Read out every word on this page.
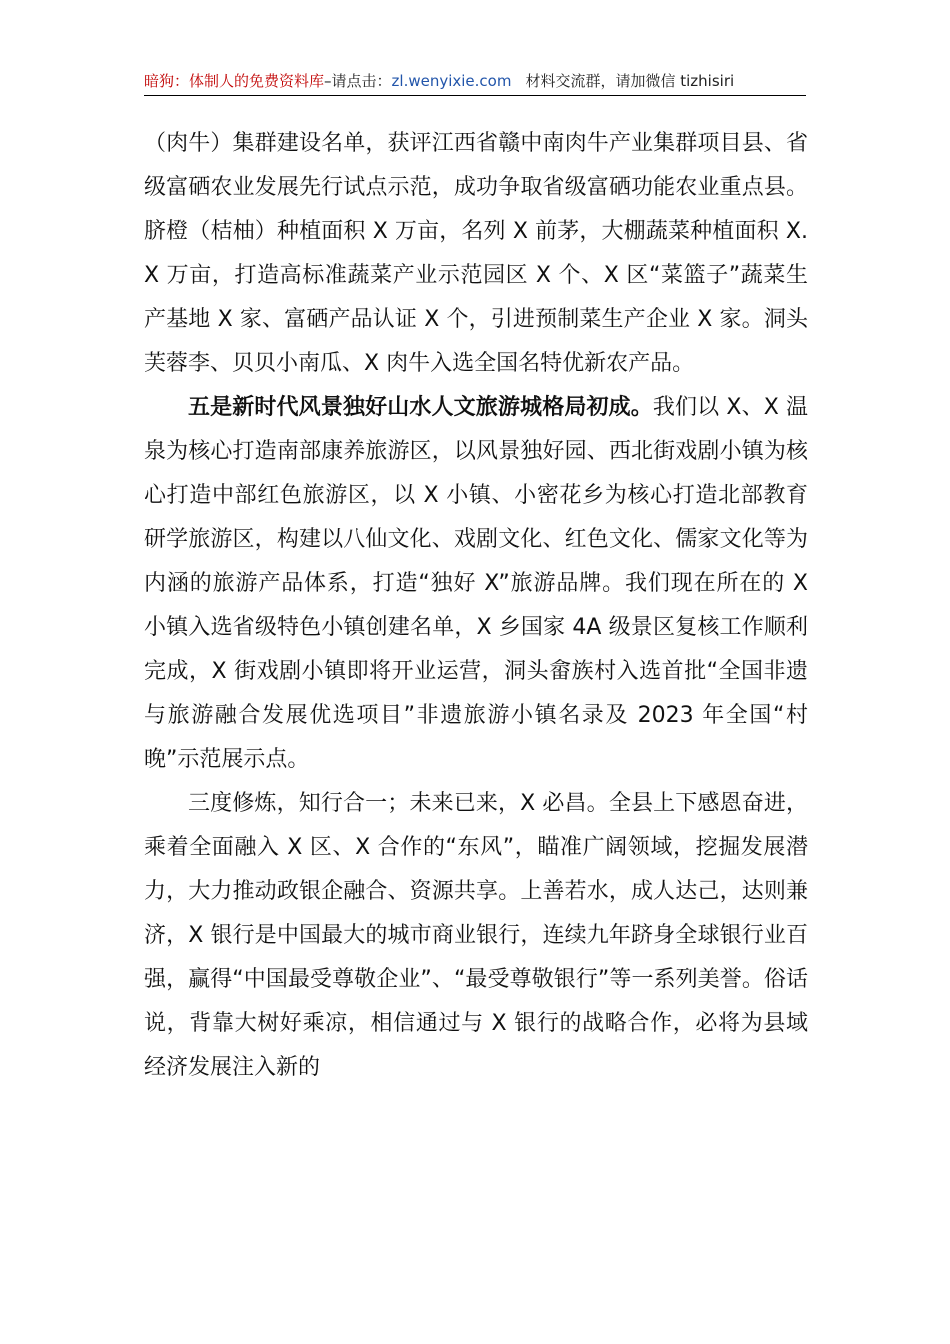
暗狗：体制人的免费资料库–请点击：zl.wenyixie.com 材料交流群，请加微信 tizhisiri

（肉牛）集群建设名单，获评江西省赣中南肉牛产业集群项目县、省级富硒农业发展先行试点示范，成功争取省级富硒功能农业重点县。脐橙（桔柚）种植面积 X 万亩，名列 X 前茅，大棚蔬菜种植面积 X.X 万亩，打造高标准蔬菜产业示范园区 X 个、X 区“菜篮子”蔬菜生产基地 X 家、富硒产品认证 X 个，引进预制菜生产企业 X 家。洞头芙蓉李、贝贝小南瓜、X 肉牛入选全国名特优新农产品。

五是新时代风景独好山水人文旅游城格局初成。我们以 X、X 温泉为核心打造南部康养旅游区，以风景独好园、西北街戏剧小镇为核心打造中部红色旅游区，以 X 小镇、小密花乡为核心打造北部教育研学旅游区，构建以八仙文化、戏剧文化、红色文化、儒家文化等为内涵的旅游产品体系，打造“独好 X”旅游品牌。我们现在所在的 X 小镇入选省级特色小镇创建名单，X 乡国家 4A 级景区复核工作顺利完成，X 街戏剧小镇即将开业运营，洞头畲族村入选首批“全国非遗与旅游融合发展优选项目”非遗旅游小镇名录及 2023 年全国“村晚”示范展示点。

三度修炼，知行合一；未来已来，X 必昌。全县上下感恩奋进，乘着全面融入 X 区、X 合作的“东风”，瞄准广阔领域，挖掘发展潜力，大力推动政银企融合、资源共享。上善若水，成人达己，达则兼济，X 银行是中国最大的城市商业银行，连续九年跻身全球银行业百强，赢得“中国最受尊敬企业”、“最受尊敬银行”等一系列美誉。俗话说，背靠大树好乘凉，相信通过与 X 银行的战略合作，必将为县域经济发展注入新的
